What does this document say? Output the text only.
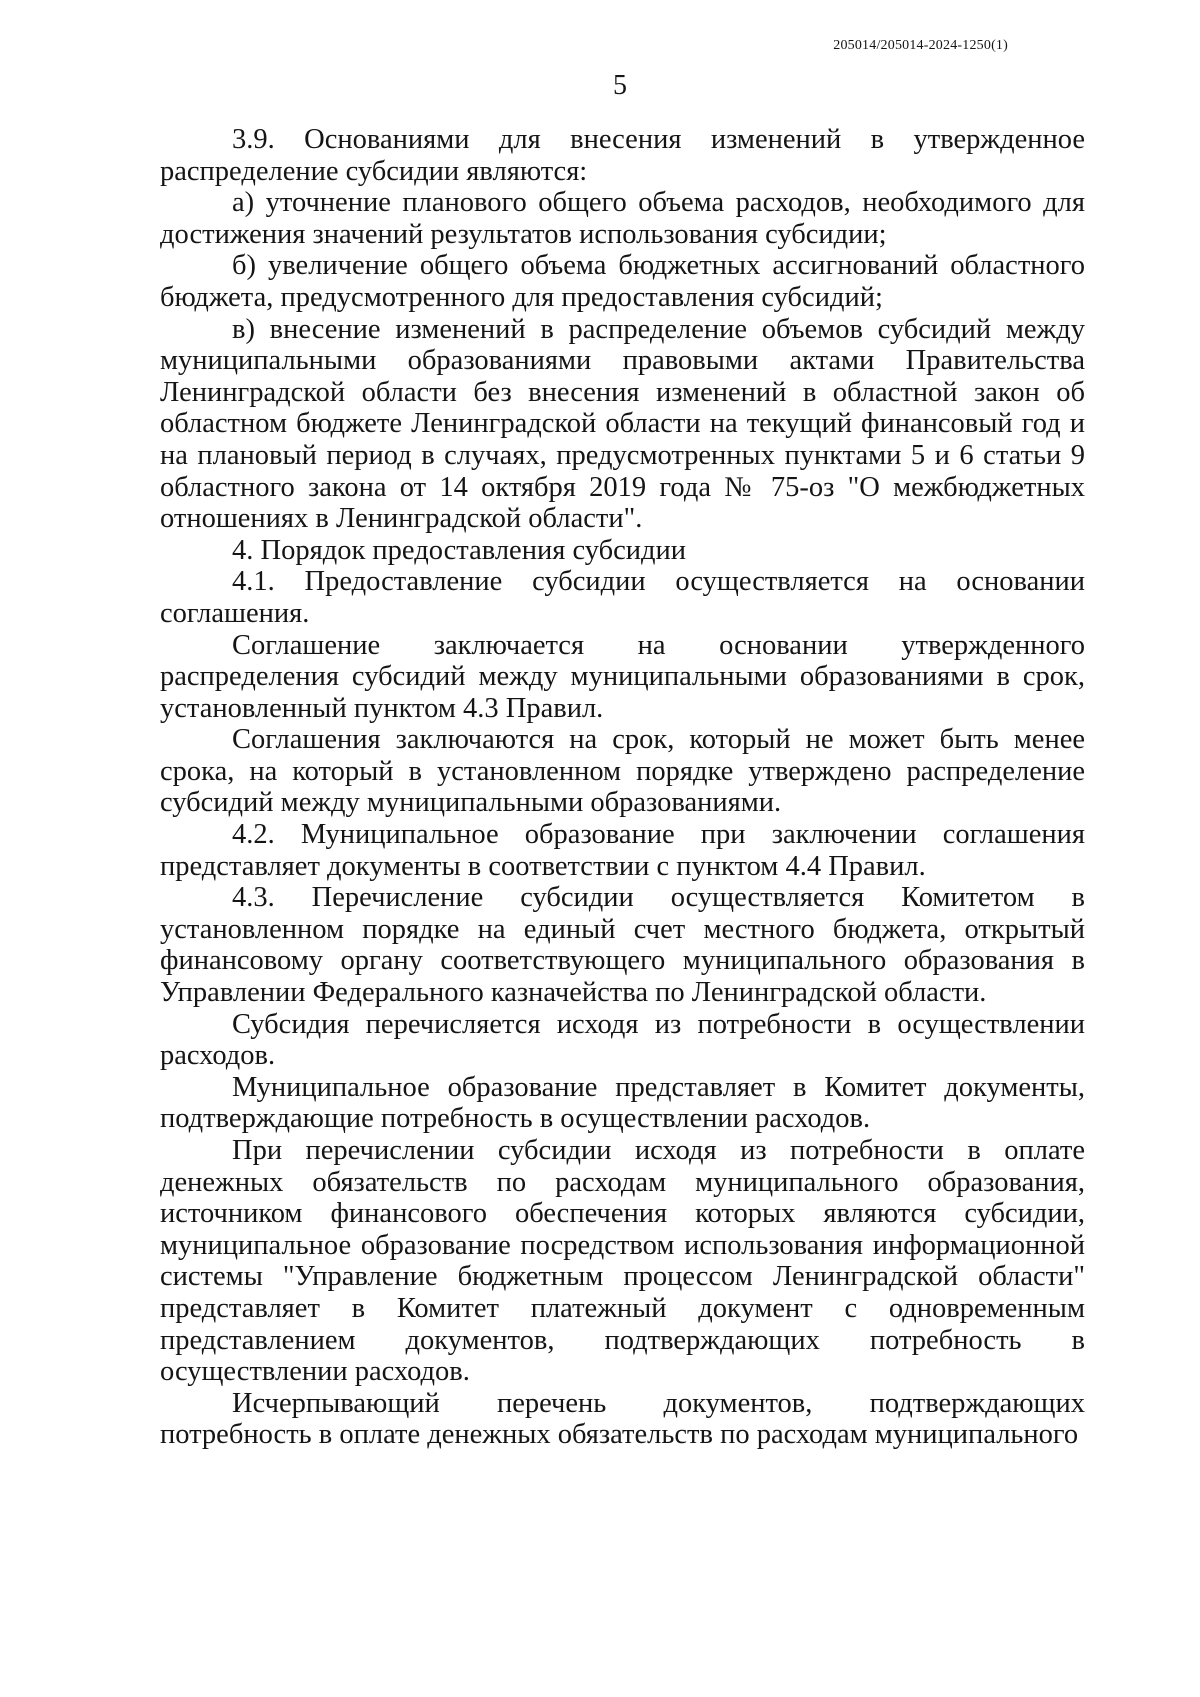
205014/205014-2024-1250(1)
5

3.9. Основаниями для внесения изменений в утвержденное распределение субсидии являются:

а) уточнение планового общего объема расходов, необходимого для достижения значений результатов использования субсидии;

б) увеличение общего объема бюджетных ассигнований областного бюджета, предусмотренного для предоставления субсидий;

в) внесение изменений в распределение объемов субсидий между муниципальными образованиями правовыми актами Правительства Ленинградской области без внесения изменений в областной закон об областном бюджете Ленинградской области на текущий финансовый год и на плановый период в случаях, предусмотренных пунктами 5 и 6 статьи 9 областного закона от 14 октября 2019 года № 75-оз "О межбюджетных отношениях в Ленинградской области".

4. Порядок предоставления субсидии

4.1. Предоставление субсидии осуществляется на основании соглашения.

Соглашение заключается на основании утвержденного распределения субсидий между муниципальными образованиями в срок, установленный пунктом 4.3 Правил.

Соглашения заключаются на срок, который не может быть менее срока, на который в установленном порядке утверждено распределение субсидий между муниципальными образованиями.

4.2. Муниципальное образование при заключении соглашения представляет документы в соответствии с пунктом 4.4 Правил.

4.3. Перечисление субсидии осуществляется Комитетом в установленном порядке на единый счет местного бюджета, открытый финансовому органу соответствующего муниципального образования в Управлении Федерального казначейства по Ленинградской области.

Субсидия перечисляется исходя из потребности в осуществлении расходов.

Муниципальное образование представляет в Комитет документы, подтверждающие потребность в осуществлении расходов.

При перечислении субсидии исходя из потребности в оплате денежных обязательств по расходам муниципального образования, источником финансового обеспечения которых являются субсидии, муниципальное образование посредством использования информационной системы "Управление бюджетным процессом Ленинградской области" представляет в Комитет платежный документ с одновременным представлением документов, подтверждающих потребность в осуществлении расходов.

Исчерпывающий перечень документов, подтверждающих потребность в оплате денежных обязательств по расходам муниципального
